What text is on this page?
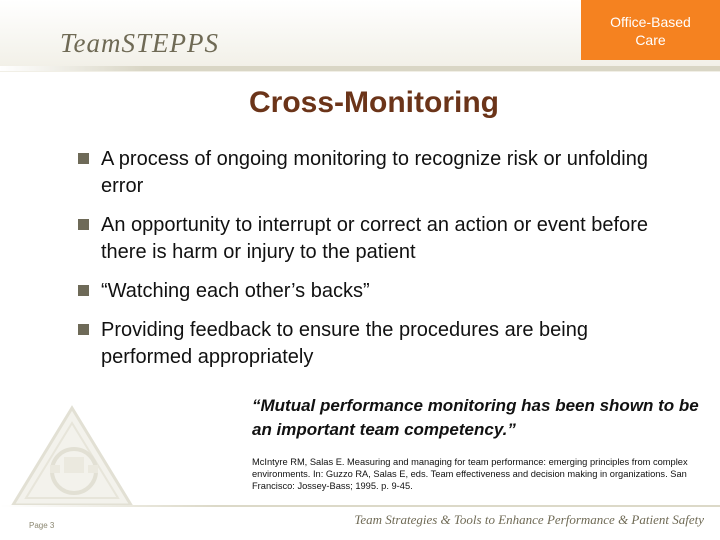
TeamSTEPPS
Office-Based
Care
Cross-Monitoring
A process of ongoing monitoring to recognize risk or unfolding error
An opportunity to interrupt or correct an action or event before there is harm or injury to the patient
“Watching each other’s backs”
Providing feedback to ensure the procedures are being performed appropriately
“Mutual performance monitoring has been shown to be an important team competency.”
McIntyre RM, Salas E. Measuring and managing for team performance: emerging principles from complex environments. In: Guzzo RA, Salas E, eds. Team effectiveness and decision making in organizations. San Francisco: Jossey-Bass; 1995. p. 9-45.
Page 3	Team Strategies & Tools to Enhance Performance & Patient Safety
